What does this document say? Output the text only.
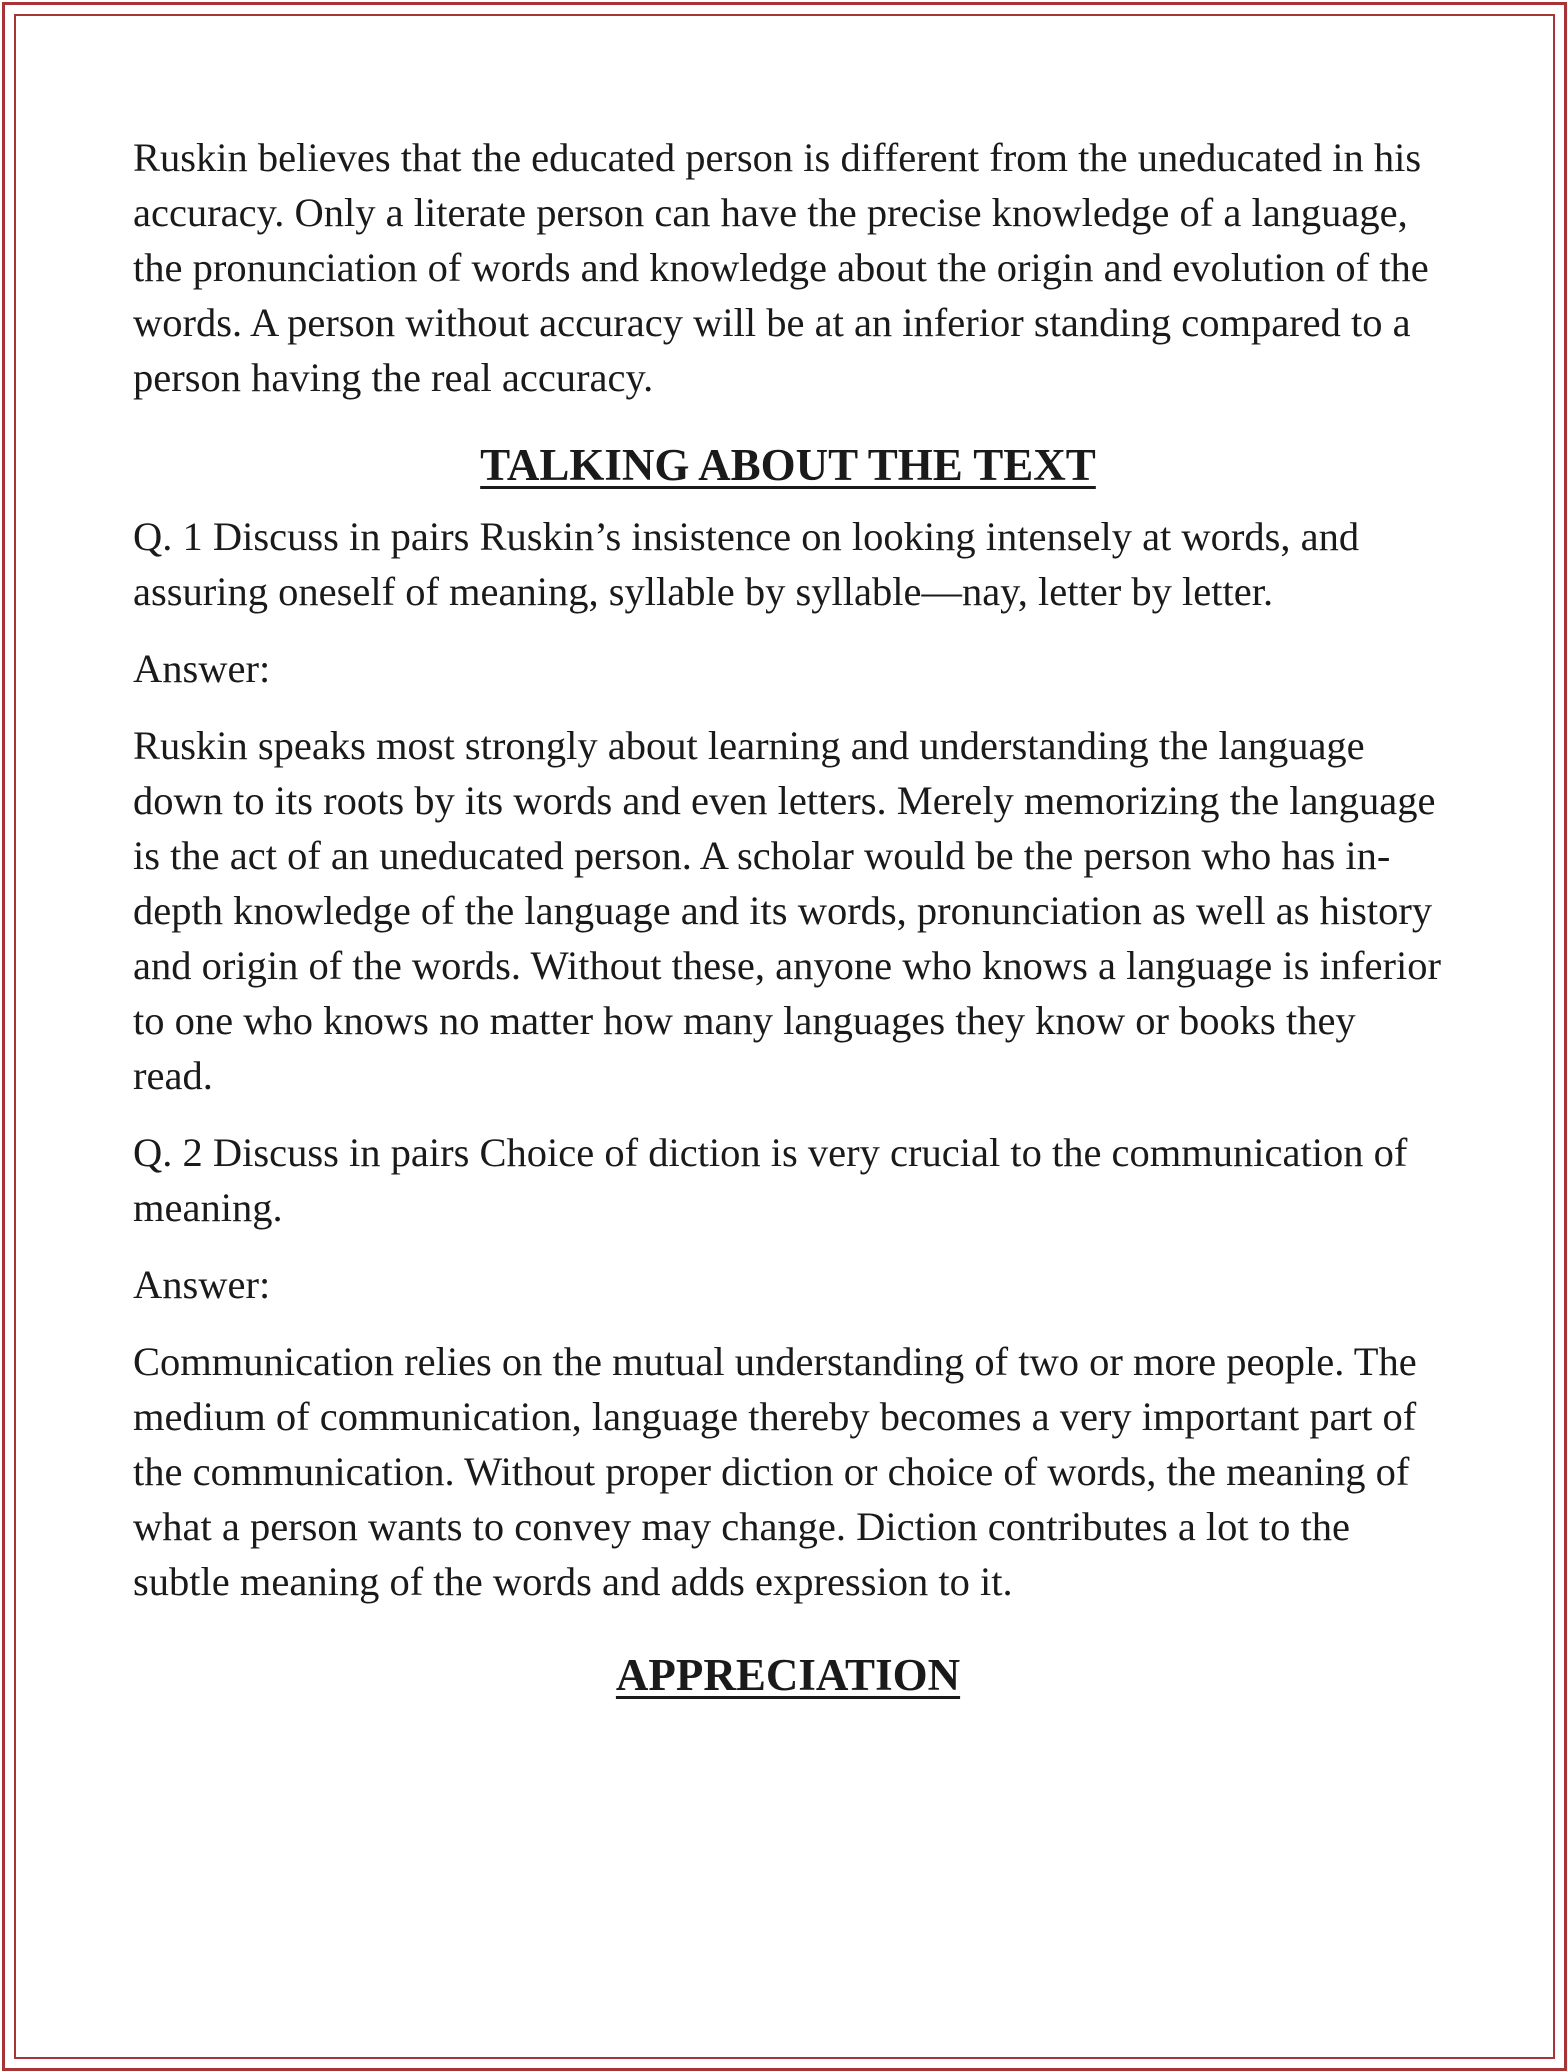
Ruskin believes that the educated person is different from the uneducated in his accuracy. Only a literate person can have the precise knowledge of a language, the pronunciation of words and knowledge about the origin and evolution of the words. A person without accuracy will be at an inferior standing compared to a person having the real accuracy.

TALKING ABOUT THE TEXT

Q. 1 Discuss in pairs Ruskin’s insistence on looking intensely at words, and assuring oneself of meaning, syllable by syllable—nay, letter by letter.

Answer:

Ruskin speaks most strongly about learning and understanding the language down to its roots by its words and even letters. Merely memorizing the language is the act of an uneducated person. A scholar would be the person who has in-depth knowledge of the language and its words, pronunciation as well as history and origin of the words. Without these, anyone who knows a language is inferior to one who knows no matter how many languages they know or books they read.

Q. 2 Discuss in pairs Choice of diction is very crucial to the communication of meaning.

Answer:

Communication relies on the mutual understanding of two or more people. The medium of communication, language thereby becomes a very important part of the communication. Without proper diction or choice of words, the meaning of what a person wants to convey may change. Diction contributes a lot to the subtle meaning of the words and adds expression to it.

APPRECIATION
